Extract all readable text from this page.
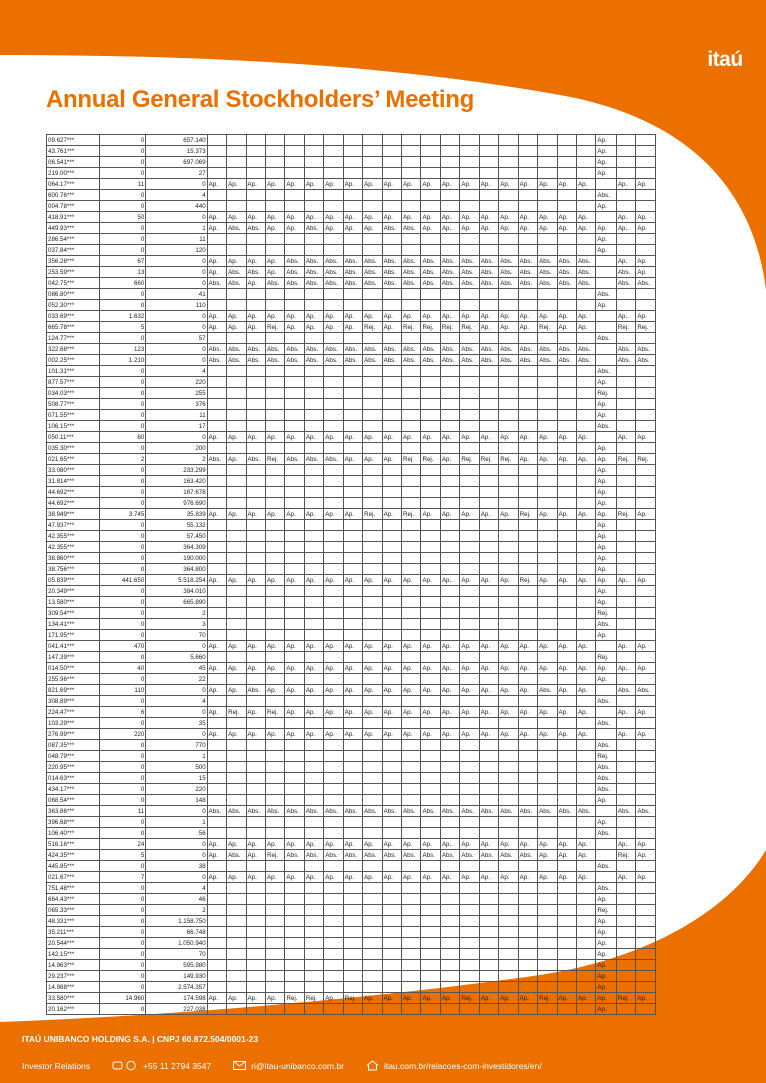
itaú
Annual General Stockholders’ Meeting
09.627***	0	657.140																					Ap.		
43.761***	0	15.373																					Ap.		
06.541***	0	697.069																					Ap.		
219.00***	0	27																					Ap.		
064.17***	11	0	Ap.	Ap.	Ap.	Ap.	Ap.	Ap.	Ap.	Ap.	Ap.	Ap.	Ap.	Ap.	Ap.	Ap.	Ap.	Ap.	Ap.	Ap.	Ap.	Ap.		Ap.	Ap.
600.76***	0	4																					Abs.		
004.78***	0	440																					Ap.		
418.91***	50	0	Ap.	Ap.	Ap.	Ap.	Ap.	Ap.	Ap.	Ap.	Ap.	Ap.	Ap.	Ap.	Ap.	Ap.	Ap.	Ap.	Ap.	Ap.	Ap.	Ap.		Ap.	Ap.
449.93***	0	1	Ap.	Abs.	Abs.	Ap.	Ap.	Abs.	Ap.	Ap.	Ap.	Abs.	Abs.	Ap.	Ap.	Ap.	Ap.	Ap.	Ap.	Ap.	Ap.	Ap.	Ap.	Ap.	Ap.
286.54***	0	11																					Ap.		
037.84***	0	120																					Ap.		
356.28***	67	0	Ap.	Ap.	Ap.	Ap.	Abs.	Abs.	Abs.	Abs.	Abs.	Abs.	Abs.	Abs.	Abs.	Abs.	Abs.	Abs.	Abs.	Abs.	Abs.	Abs.		Ap.	Ap.
253.59***	13	0	Ap.	Abs.	Abs.	Ap.	Abs.	Abs.	Abs.	Abs.	Abs.	Abs.	Abs.	Abs.	Abs.	Abs.	Abs.	Abs.	Abs.	Abs.	Abs.	Abs.		Abs.	Ap.
042.75***	660	0	Abs.	Abs.	Ap.	Abs.	Abs.	Abs.	Abs.	Abs.	Abs.	Abs.	Abs.	Abs.	Abs.	Abs.	Abs.	Abs.	Abs.	Abs.	Abs.	Abs.		Abs.	Abs.
086.80***	0	41																					Abs.		
052.30***	0	110																					Ap.		
033.69***	1.632	0	Ap.	Ap.	Ap.	Ap.	Ap.	Ap.	Ap.	Ap.	Ap.	Ap.	Ap.	Ap.	Ap.	Ap.	Ap.	Ap.	Ap.	Ap.	Ap.	Ap.		Ap.	Ap.
665.78***	5	0	Ap.	Ap.	Ap.	Rej.	Ap.	Ap.	Ap.	Ap.	Rej.	Ap.	Rej.	Rej.	Rej.	Rej.	Ap.	Ap.	Ap.	Rej.	Ap.	Ap.		Rej.	Rej.
124.77***	0	57																					Abs.		
322.68***	123	0	Abs.	Abs.	Abs.	Abs.	Abs.	Abs.	Abs.	Abs.	Abs.	Abs.	Abs.	Abs.	Abs.	Abs.	Abs.	Abs.	Abs.	Abs.	Abs.	Abs.		Abs.	Abs.
002.25***	1.210	0	Abs.	Abs.	Abs.	Abs.	Abs.	Abs.	Abs.	Abs.	Abs.	Abs.	Abs.	Abs.	Abs.	Abs.	Abs.	Abs.	Abs.	Abs.	Abs.	Abs.		Abs.	Abs.
101.31***	0	4																					Abs.		
877.57***	0	220																					Ap.		
034.03***	0	255																					Rej.		
508.77***	0	376																					Ap.		
071.55***	0	11																					Ap.		
106.15***	0	17																					Abs.		
050.11***	60	0	Ap.	Ap.	Ap.	Ap.	Ap.	Ap.	Ap.	Ap.	Ap.	Ap.	Ap.	Ap.	Ap.	Ap.	Ap.	Ap.	Ap.	Ap.	Ap.	Ap.		Ap.	Ap.
035.30***	0	200																					Ap.		
021.65***	2	2	Abs.	Ap.	Abs.	Rej.	Abs.	Abs.	Abs.	Ap.	Ap.	Ap.	Rej.	Rej.	Ap.	Rej.	Rej.	Rej.	Ap.	Ap.	Ap.	Ap.	Ap.	Rej.	Rej.
33.080***	0	233.299																					Ap.		
31.814***	0	163.420																					Ap.		
44.692***	0	167.678																					Ap.		
44.692***	0	976.690																					Ap.		
38.949***	3.745	35.839	Ap.	Ap.	Ap.	Ap.	Ap.	Ap.	Ap.	Ap.	Rej.	Ap.	Rej.	Ap.	Ap.	Ap.	Ap.	Ap.	Rej.	Ap.	Ap.	Ap.	Ap.	Rej.	Ap.
47.937***	0	55.132																					Ap.		
42.355***	0	57.450																					Ap.		
42.355***	0	364.309																					Ap.		
38.860***	0	190.000																					Ap.		
38.756***	0	364.800																					Ap.		
05.839***	441.650	5.518.254	Ap.	Ap.	Ap.	Ap.	Ap.	Ap.	Ap.	Ap.	Ap.	Ap.	Ap.	Ap.	Ap.	Ap.	Ap.	Ap.	Rej.	Ap.	Ap.	Ap.	Ap.	Ap.	Ap.
20.349***	0	384.010																					Ap.		
13.580***	0	665.890																					Ap.		
309.54***	0	2																					Rej.		
134.41***	0	3																					Abs.		
171.95***	0	70																					Ap.		
041.41***	470	0	Ap.	Ap.	Ap.	Ap.	Ap.	Ap.	Ap.	Ap.	Ap.	Ap.	Ap.	Ap.	Ap.	Ap.	Ap.	Ap.	Ap.	Ap.	Ap.	Ap.		Ap.	Ap.
147.39***	0	5.660																					Rej.		
014.50***	40	45	Ap.	Ap.	Ap.	Ap.	Ap.	Ap.	Ap.	Ap.	Ap.	Ap.	Ap.	Ap.	Ap.	Ap.	Ap.	Ap.	Ap.	Ap.	Ap.	Ap.	Ap.	Ap.	Ap.
255.96***	0	22																					Ap.		
821.69***	110	0	Ap.	Ap.	Abs.	Ap.	Ap.	Ap.	Ap.	Ap.	Ap.	Ap.	Ap.	Ap.	Ap.	Ap.	Ap.	Ap.	Ap.	Abs.	Ap.	Ap.		Abs.	Abs.
308.89***	0	4																					Abs.		
224.47***	6	0	Ap.	Rej.	Ap.	Rej.	Ap.	Ap.	Ap.	Ap.	Ap.	Ap.	Ap.	Ap.	Ap.	Ap.	Ap.	Ap.	Ap.	Ap.	Ap.	Ap.		Ap.	Ap.
103.29***	0	35																					Abs.		
276.99***	220	0	Ap.	Ap.	Ap.	Ap.	Ap.	Ap.	Ap.	Ap.	Ap.	Ap.	Ap.	Ap.	Ap.	Ap.	Ap.	Ap.	Ap.	Ap.	Ap.	Ap.		Ap.	Ap.
087.35***	0	770																					Abs.		
048.79***	0	1																					Rej.		
220.95***	0	500																					Abs.		
014.63***	0	15																					Abs.		
434.17***	0	220																					Abs.		
068.54***	0	148																					Ap.		
363.86***	11	0	Abs.	Abs.	Abs.	Abs.	Abs.	Abs.	Abs.	Abs.	Abs.	Abs.	Abs.	Abs.	Abs.	Abs.	Abs.	Abs.	Abs.	Abs.	Abs.	Abs.		Abs.	Abs.
396.68***	0	1																					Ap.		
106.40***	0	56																					Abs.		
516.16***	24	0	Ap.	Ap.	Ap.	Ap.	Ap.	Ap.	Ap.	Ap.	Ap.	Ap.	Ap.	Ap.	Ap.	Ap.	Ap.	Ap.	Ap.	Ap.	Ap.	Ap.		Ap.	Ap.
424.35***	5	0	Ap.	Abs.	Ap.	Rej.	Abs.	Abs.	Abs.	Abs.	Abs.	Abs.	Abs.	Abs.	Abs.	Abs.	Abs.	Abs.	Abs.	Ap.	Ap.	Ap.		Rej.	Ap.
445.85***	0	38																					Abs.		
021.67***	7	0	Ap.	Ap.	Ap.	Ap.	Ap.	Ap.	Ap.	Ap.	Ap.	Ap.	Ap.	Ap.	Ap.	Ap.	Ap.	Ap.	Ap.	Ap.	Ap.	Ap.		Ap.	Ap.
751.48***	0	4																					Abs.		
664.43***	0	46																					Ap.		
065.33***	0	2																					Rej.		
48.331***	0	1.158.750																					Ap.		
35.211***	0	66.748																					Ap.		
20.544***	0	1.050.940																					Ap.		
142.15***	0	70																					Ap.		
14.963***	0	595.980																					Ap.		
29.237***	0	149.930																					Ap.		
14.988***	0	2.574.357																					Ap.		
33.580***	14.960	174.598	Ap.	Ap.	Ap.	Ap.	Rej.	Rej.	Ap.	Rej.	Ap.	Ap.	Ap.	Ap.	Ap.	Rej.	Ap.	Ap.	Ap.	Rej.	Ap.	Ap.	Ap.	Rej.	Ap.
20.162***	0	227.038																					Ap.		
ITAÚ UNIBANCO HOLDING S.A. | CNPJ 60.872.504/0001-23
Investor Relations	+55 11 2794 3547	ri@itau-unibanco.com.br	itau.com.br/relacoes-com-investidores/en/
